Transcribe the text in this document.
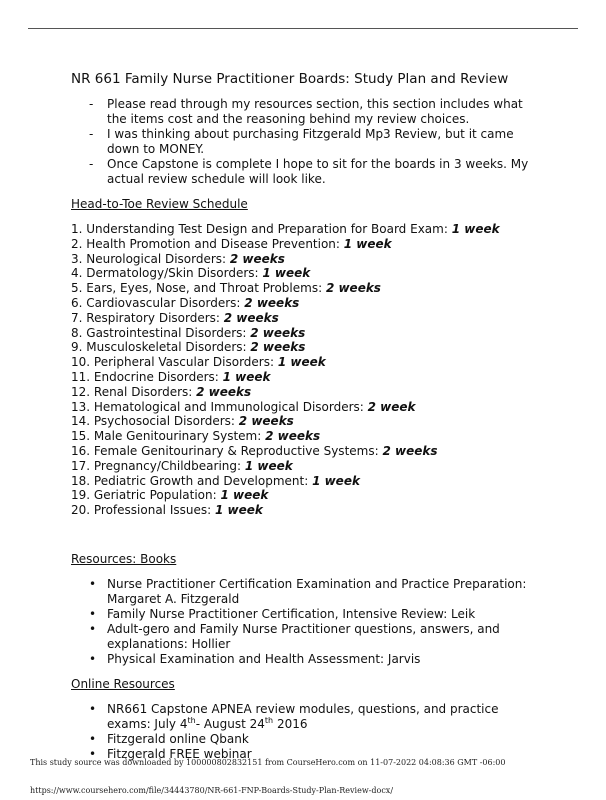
NR 661 Family Nurse Practitioner Boards: Study Plan and Review
- Please read through my resources section, this section includes what the items cost and the reasoning behind my review choices.
- I was thinking about purchasing Fitzgerald Mp3 Review, but it came down to MONEY.
- Once Capstone is complete I hope to sit for the boards in 3 weeks. My actual review schedule will look like.
Head-to-Toe Review Schedule
1. Understanding Test Design and Preparation for Board Exam: 1 week
2. Health Promotion and Disease Prevention: 1 week
3. Neurological Disorders: 2 weeks
4. Dermatology/Skin Disorders: 1 week
5. Ears, Eyes, Nose, and Throat Problems: 2 weeks
6. Cardiovascular Disorders: 2 weeks
7. Respiratory Disorders: 2 weeks
8. Gastrointestinal Disorders: 2 weeks
9. Musculoskeletal Disorders: 2 weeks
10. Peripheral Vascular Disorders: 1 week
11. Endocrine Disorders: 1 week
12. Renal Disorders: 2 weeks
13. Hematological and Immunological Disorders: 2 week
14. Psychosocial Disorders: 2 weeks
15. Male Genitourinary System: 2 weeks
16. Female Genitourinary & Reproductive Systems: 2 weeks
17. Pregnancy/Childbearing: 1 week
18. Pediatric Growth and Development: 1 week
19. Geriatric Population: 1 week
20. Professional Issues: 1 week
Resources: Books
• Nurse Practitioner Certification Examination and Practice Preparation: Margaret A. Fitzgerald
• Family Nurse Practitioner Certification, Intensive Review: Leik
• Adult-gero and Family Nurse Practitioner questions, answers, and explanations: Hollier
• Physical Examination and Health Assessment: Jarvis
Online Resources
• NR661 Capstone APNEA review modules, questions, and practice exams: July 4th- August 24th 2016
• Fitzgerald online Qbank
• Fitzgerald FREE webinar
This study source was downloaded by 100000802832151 from CourseHero.com on 11-07-2022 04:08:36 GMT -06:00
https://www.coursehero.com/file/34443780/NR-661-FNP-Boards-Study-Plan-Review-docx/
